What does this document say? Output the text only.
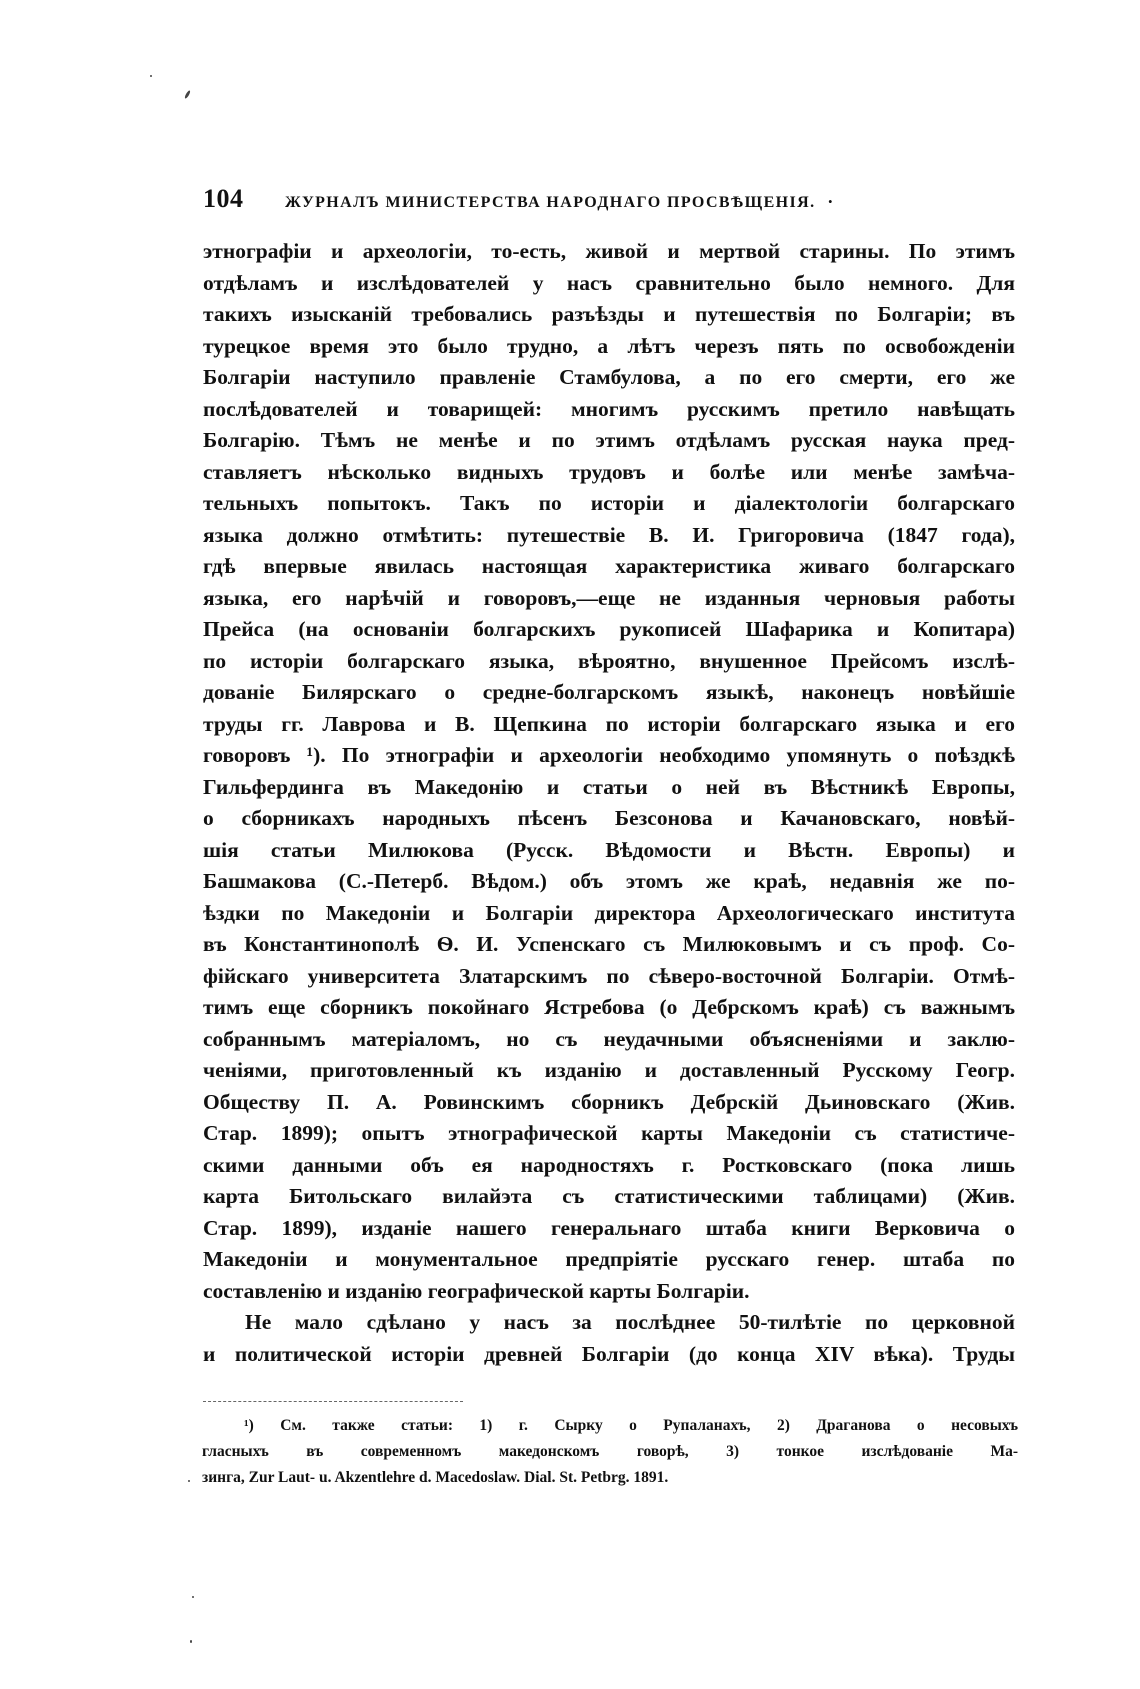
104	ЖУРНАЛЪ МИНИСТЕРСТВА НАРОДНАГО ПРОСВѢЩЕНІЯ. ·
этнографіи и археологіи, то-есть, живой и мертвой старины. По этимъ
отдѣламъ и изслѣдователей у насъ сравнительно было немного. Для
такихъ изысканій требовались разъѣзды и путешествія по Болгаріи; въ
турецкое время это было трудно, а лѣтъ черезъ пять по освобожденіи
Болгаріи наступило правленіе Стамбулова, а по его смерти, его же
послѣдователей и товарищей: многимъ русскимъ претило навѣщать
Болгарію. Тѣмъ не менѣе и по этимъ отдѣламъ русская наука пред-
ставляетъ нѣсколько видныхъ трудовъ и болѣе или менѣе замѣча-
тельныхъ попытокъ. Такъ по исторіи и діалектологіи болгарскаго
языка должно отмѣтить: путешествіе В. И. Григоровича (1847 года),
гдѣ впервые явилась настоящая характеристика живаго болгарскаго
языка, его нарѣчій и говоровъ,—еще не изданныя черновыя работы
Прейса (на основаніи болгарскихъ рукописей Шафарика и Копитара)
по исторіи болгарскаго языка, вѣроятно, внушенное Прейсомъ изслѣ-
дованіе Билярскаго о средне-болгарскомъ языкѣ, наконецъ новѣйшіе
труды гг. Лаврова и В. Щепкина по исторіи болгарскаго языка и его
говоровъ ¹). По этнографіи и археологіи необходимо упомянуть о поѣздкѣ
Гильфердинга въ Македонію и статьи о ней въ Вѣстникѣ Европы,
о сборникахъ народныхъ пѣсенъ Безсонова и Качановскаго, новѣй-
шія статьи Милюкова (Русск. Вѣдомости и Вѣстн. Европы) и
Башмакова (С.-Петерб. Вѣдом.) объ этомъ же краѣ, недавнія же по-
ѣздки по Македоніи и Болгаріи директора Археологическаго института
въ Константинополѣ Ѳ. И. Успенскаго съ Милюковымъ и съ проф. Со-
фійскаго университета Златарскимъ по сѣверо-восточной Болгаріи. Отмѣ-
тимъ еще сборникъ покойнаго Ястребова (о Дебрскомъ краѣ) съ важнымъ
собраннымъ матеріаломъ, но съ неудачными объясненіями и заклю-
ченіями, приготовленный къ изданію и доставленный Русскому Геогр.
Обществу П. А. Ровинскимъ сборникъ Дебрскій Дьиновскаго (Жив.
Стар. 1899); опытъ этнографической карты Македоніи съ статистиче-
скими данными объ ея народностяхъ г. Ростковскаго (пока лишь
карта Битольскаго вилайэта съ статистическими таблицами) (Жив.
Стар. 1899), изданіе нашего генеральнаго штаба книги Верковича о
Македоніи и монументальное предпріятіе русскаго генер. штаба по
составленію и изданію географической карты Болгаріи.
Не мало сдѣлано у насъ за послѣднее 50-тилѣтіе по церковной
и политической исторіи древней Болгаріи (до конца XIV вѣка). Труды
¹) См. также статьи: 1) г. Сырку о Рупаланахъ, 2) Драганова о несовыхъ
гласныхъ въ современномъ македонскомъ говорѣ, 3) тонкое изслѣдованіе Ма-
зинга, Zur Laut- u. Akzentlehre d. Macedoslaw. Dial. St. Petbrg. 1891.
